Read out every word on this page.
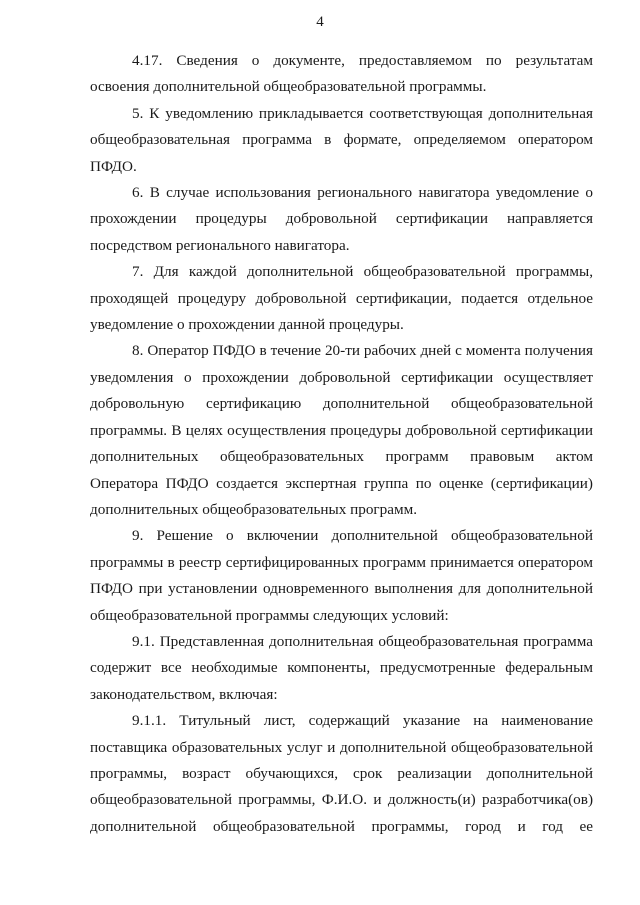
4

4.17. Сведения о документе, предоставляемом по результатам освоения дополнительной общеобразовательной программы.

5. К уведомлению прикладывается соответствующая дополнительная общеобразовательная программа в формате, определяемом оператором ПФДО.

6. В случае использования регионального навигатора уведомление о прохождении процедуры добровольной сертификации направляется посредством регионального навигатора.

7. Для каждой дополнительной общеобразовательной программы, проходящей процедуру добровольной сертификации, подается отдельное уведомление о прохождении данной процедуры.

8. Оператор ПФДО в течение 20-ти рабочих дней с момента получения уведомления о прохождении добровольной сертификации осуществляет добровольную сертификацию дополнительной общеобразовательной программы. В целях осуществления процедуры добровольной сертификации дополнительных общеобразовательных программ правовым актом Оператора ПФДО создается экспертная группа по оценке (сертификации) дополнительных общеобразовательных программ.

9. Решение о включении дополнительной общеобразовательной программы в реестр сертифицированных программ принимается оператором ПФДО при установлении одновременного выполнения для дополнительной общеобразовательной программы следующих условий:

9.1. Представленная дополнительная общеобразовательная программа содержит все необходимые компоненты, предусмотренные федеральным законодательством, включая:

9.1.1. Титульный лист, содержащий указание на наименование поставщика образовательных услуг и дополнительной общеобразовательной программы, возраст обучающихся, срок реализации дополнительной общеобразовательной программы, Ф.И.О. и должность(и) разработчика(ов) дополнительной общеобразовательной программы, город и год ее
